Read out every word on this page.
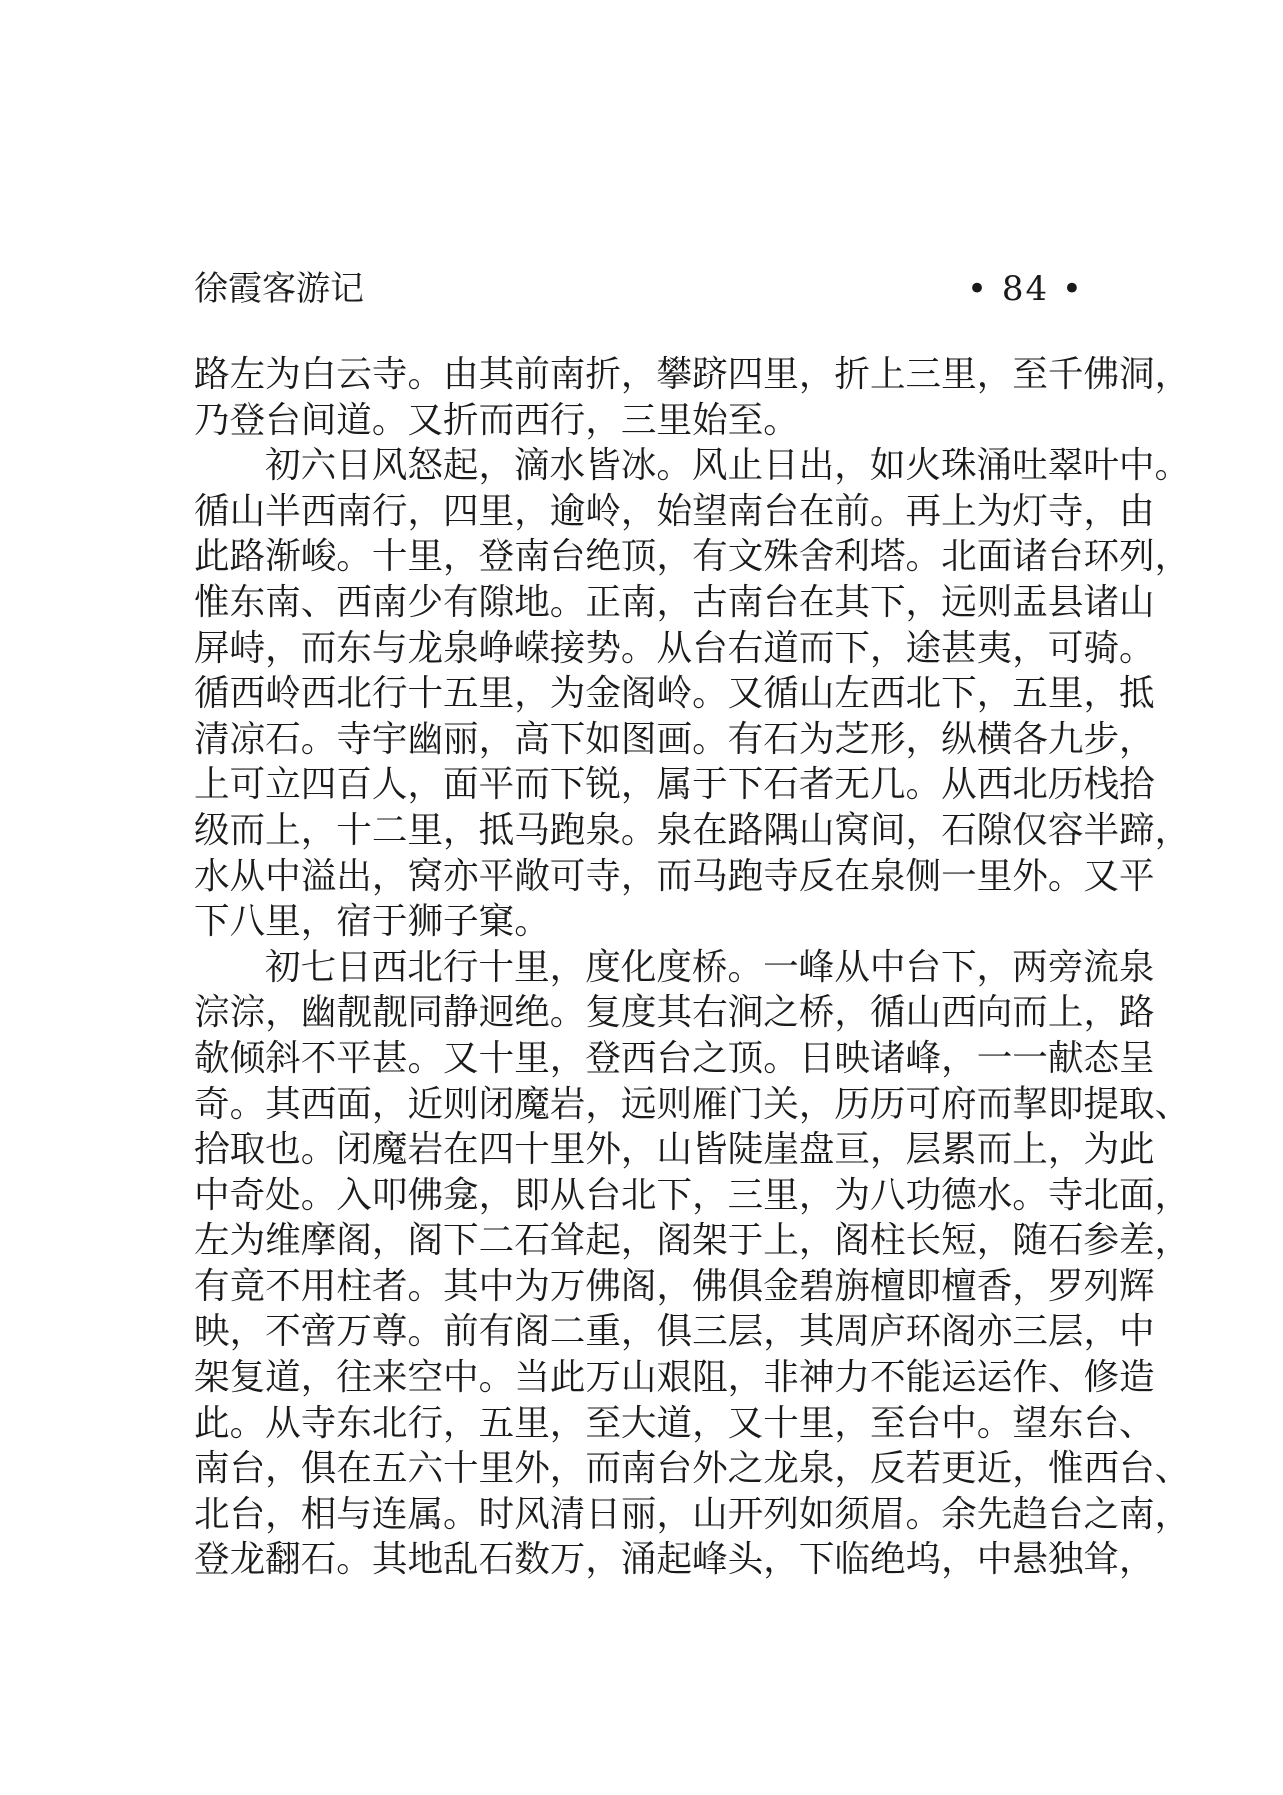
徐霞客游记	• 84 •
路左为白云寺。由其前南折，攀跻四里，折上三里，至千佛洞，
乃登台间道。又折而西行，三里始至。
初六日风怒起，滴水皆冰。风止日出，如火珠涌吐翠叶中。
循山半西南行，四里，逾岭，始望南台在前。再上为灯寺，由
此路渐峻。十里，登南台绝顶，有文殊舍利塔。北面诸台环列，
惟东南、西南少有隙地。正南，古南台在其下，远则盂县诸山
屏峙，而东与龙泉峥嵘接势。从台右道而下，途甚夷，可骑。
循西岭西北行十五里，为金阁岭。又循山左西北下，五里，抵
清凉石。寺宇幽丽，高下如图画。有石为芝形，纵横各九步，
上可立四百人，面平而下锐，属于下石者无几。从西北历栈拾
级而上，十二里，抵马跑泉。泉在路隅山窝间，石隙仅容半蹄，
水从中溢出，窝亦平敞可寺，而马跑寺反在泉侧一里外。又平
下八里，宿于狮子窠。
初七日西北行十里，度化度桥。一峰从中台下，两旁流泉
淙淙，幽靓靓同静迥绝。复度其右涧之桥，循山西向而上，路
欹倾斜不平甚。又十里，登西台之顶。日映诸峰，一一献态呈
奇。其西面，近则闭魔岩，远则雁门关，历历可府而挈即提取、
拾取也。闭魔岩在四十里外，山皆陡崖盘亘，层累而上，为此
中奇处。入叩佛龛，即从台北下，三里，为八功德水。寺北面，
左为维摩阁，阁下二石耸起，阁架于上，阁柱长短，随石参差，
有竟不用柱者。其中为万佛阁，佛俱金碧旃檀即檀香，罗列辉
映，不啻万尊。前有阁二重，俱三层，其周庐环阁亦三层，中
架复道，往来空中。当此万山艰阻，非神力不能运运作、修造
此。从寺东北行，五里，至大道，又十里，至台中。望东台、
南台，俱在五六十里外，而南台外之龙泉，反若更近，惟西台、
北台，相与连属。时风清日丽，山开列如须眉。余先趋台之南，
登龙翻石。其地乱石数万，涌起峰头，下临绝坞，中悬独耸，
